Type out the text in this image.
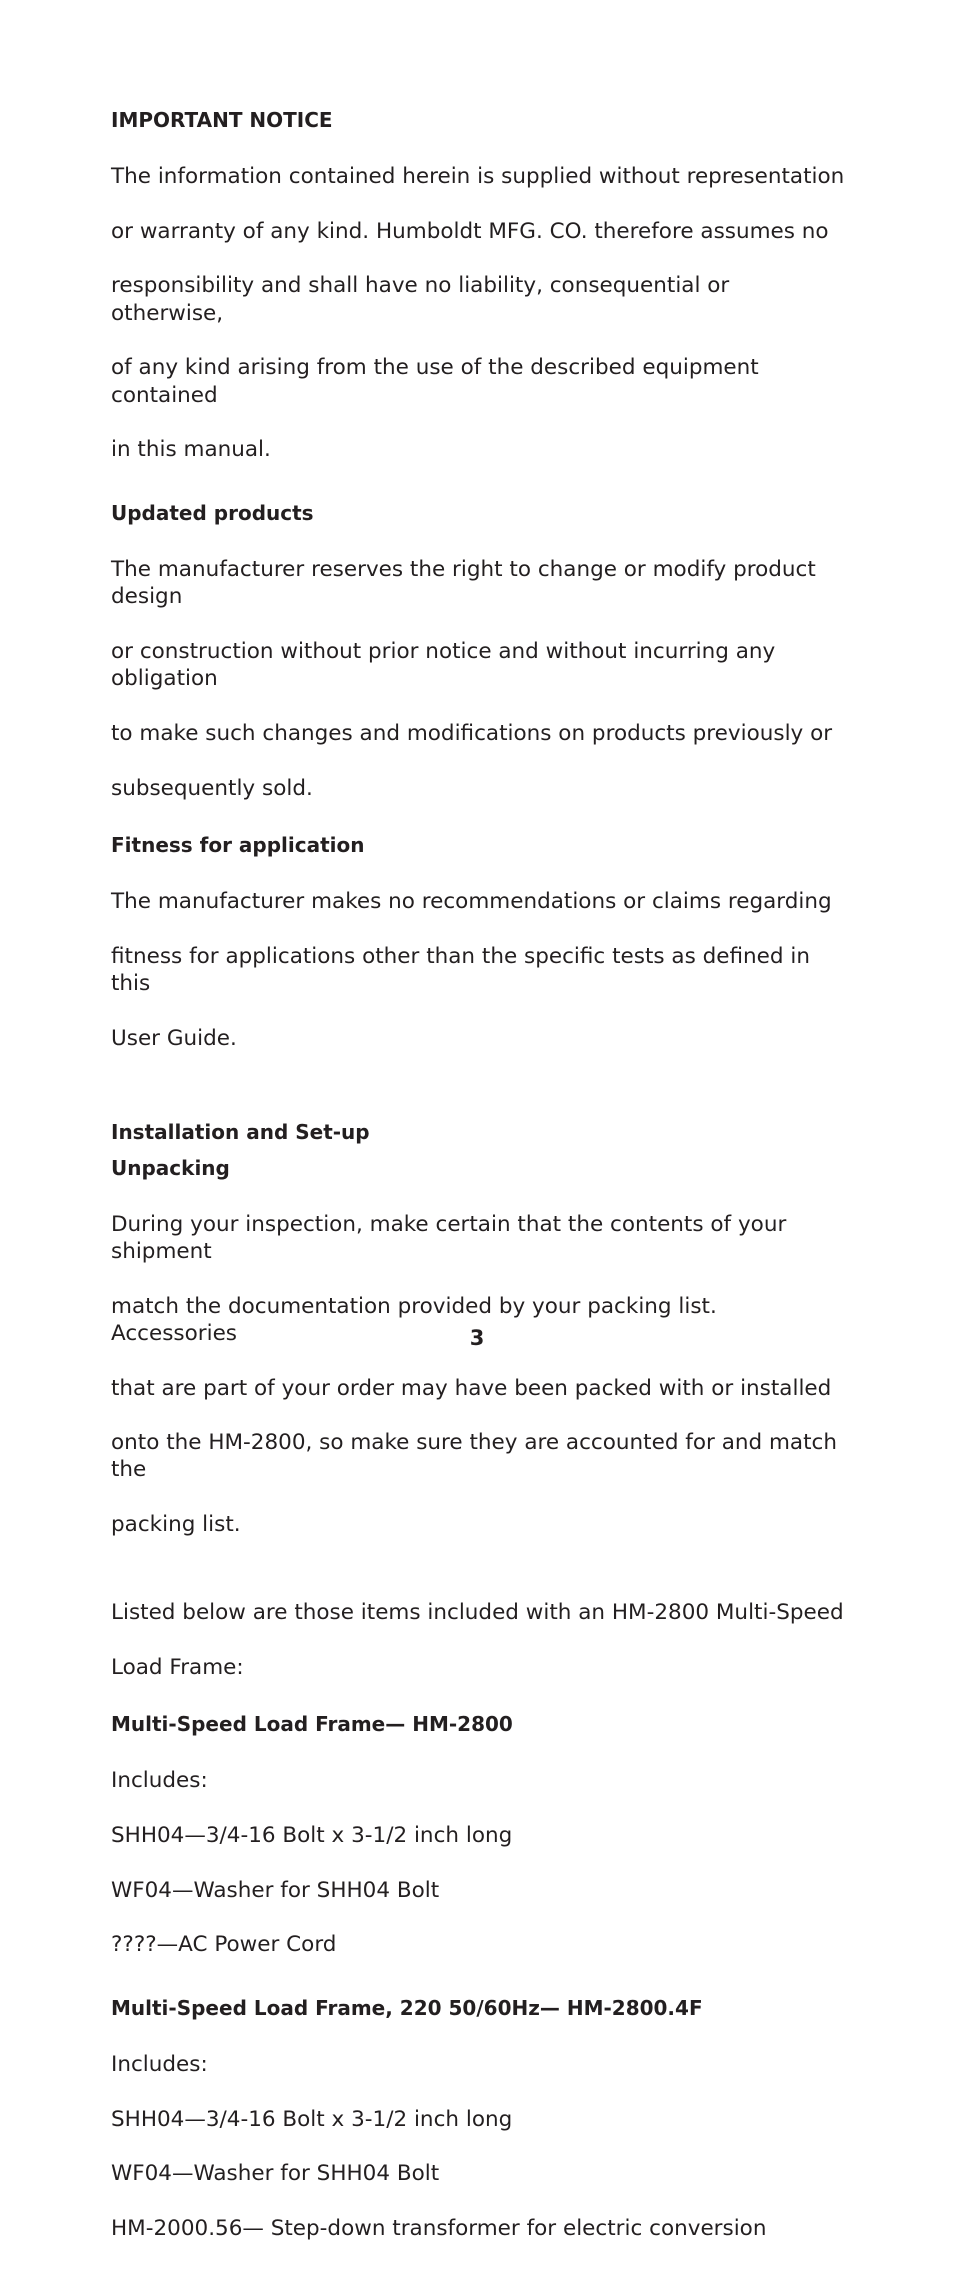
IMPORTANT NOTICE

The information contained herein is supplied without representation

or warranty of any kind. Humboldt MFG. CO. therefore assumes no

responsibility and shall have no liability, consequential or otherwise,

of any kind arising from the use of the described equipment contained

in this manual.

Updated products

The manufacturer reserves the right to change or modify product design

or construction without prior notice and without incurring any obligation

to make such changes and modifications on products previously or

subsequently sold.

Fitness for application

The manufacturer makes no recommendations or claims regarding

fitness for applications other than the specific tests as defined in this

User Guide.

Installation and Set-up
Unpacking

During your inspection, make certain that the contents of your shipment

match the documentation provided by your packing list. Accessories

that are part of your order may have been packed with or installed

onto the HM-2800, so make sure they are accounted for and match the

packing list.

Listed below are those items included with an HM-2800 Multi-Speed

Load Frame:

Multi-Speed Load Frame— HM-2800

Includes:

SHH04—3/4-16 Bolt x 3-1/2 inch long

WF04—Washer for SHH04 Bolt

????—AC Power Cord

Multi-Speed Load Frame, 220 50/60Hz— HM-2800.4F

Includes:

SHH04—3/4-16 Bolt x 3-1/2 inch long

WF04—Washer for SHH04 Bolt

HM-2000.56— Step-down transformer for electric conversion

3
